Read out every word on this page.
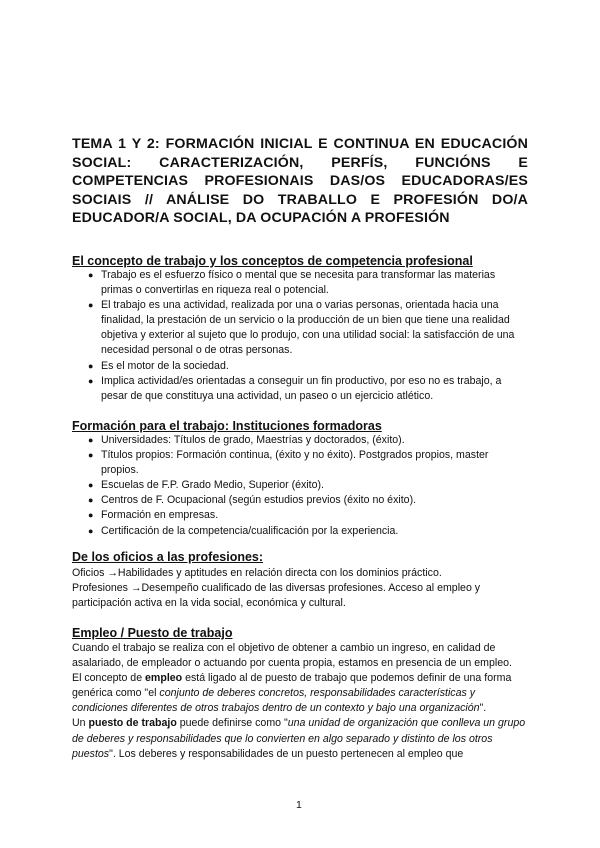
TEMA 1 Y 2: FORMACIÓN INICIAL E CONTINUA EN EDUCACIÓN
SOCIAL: CARACTERIZACIÓN, PERFÍS, FUNCIÓNS E
COMPETENCIAS PROFESIONAIS DAS/OS EDUCADORAS/ES
SOCIAIS // ANÁLISE DO TRABALLO E PROFESIÓN DO/A
EDUCADOR/A SOCIAL, DA OCUPACIÓN A PROFESIÓN
El concepto de trabajo y los conceptos de competencia profesional
● Trabajo es el esfuerzo físico o mental que se necesita para transformar las materias primas o convertirlas en riqueza real o potencial.
● El trabajo es una actividad, realizada por una o varias personas, orientada hacia una finalidad, la prestación de un servicio o la producción de un bien que tiene una realidad objetiva y exterior al sujeto que lo produjo, con una utilidad social: la satisfacción de una necesidad personal o de otras personas.
● Es el motor de la sociedad.
● Implica actividad/es orientadas a conseguir un fin productivo, por eso no es trabajo, a pesar de que constituya una actividad, un paseo o un ejercicio atlético.
Formación para el trabajo: Instituciones formadoras
● Universidades: Títulos de grado, Maestrías y doctorados, (éxito).
● Títulos propios: Formación continua, (éxito y no éxito). Postgrados propios, master propios.
● Escuelas de F.P. Grado Medio, Superior (éxito).
● Centros de F. Ocupacional (según estudios previos (éxito no éxito).
● Formación en empresas.
● Certificación de la competencia/cualificación por la experiencia.
De los oficios a las profesiones:

Oficios →Habilidades y aptitudes en relación directa con los dominios práctico.

Profesiones →Desempeño cualificado de las diversas profesiones. Acceso al empleo y participación activa en la vida social, económica y cultural.

Empleo / Puesto de trabajo

Cuando el trabajo se realiza con el objetivo de obtener a cambio un ingreso, en calidad de asalariado, de empleador o actuando por cuenta propia, estamos en presencia de un empleo.

El concepto de empleo está ligado al de puesto de trabajo que podemos definir de una forma genérica como "el conjunto de deberes concretos, responsabilidades características y condiciones diferentes de otros trabajos dentro de un contexto y bajo una organización".

Un puesto de trabajo puede definirse como "una unidad de organización que conlleva un grupo de deberes y responsabilidades que lo convierten en algo separado y distinto de los otros puestos". Los deberes y responsabilidades de un puesto pertenecen al empleo que

1
